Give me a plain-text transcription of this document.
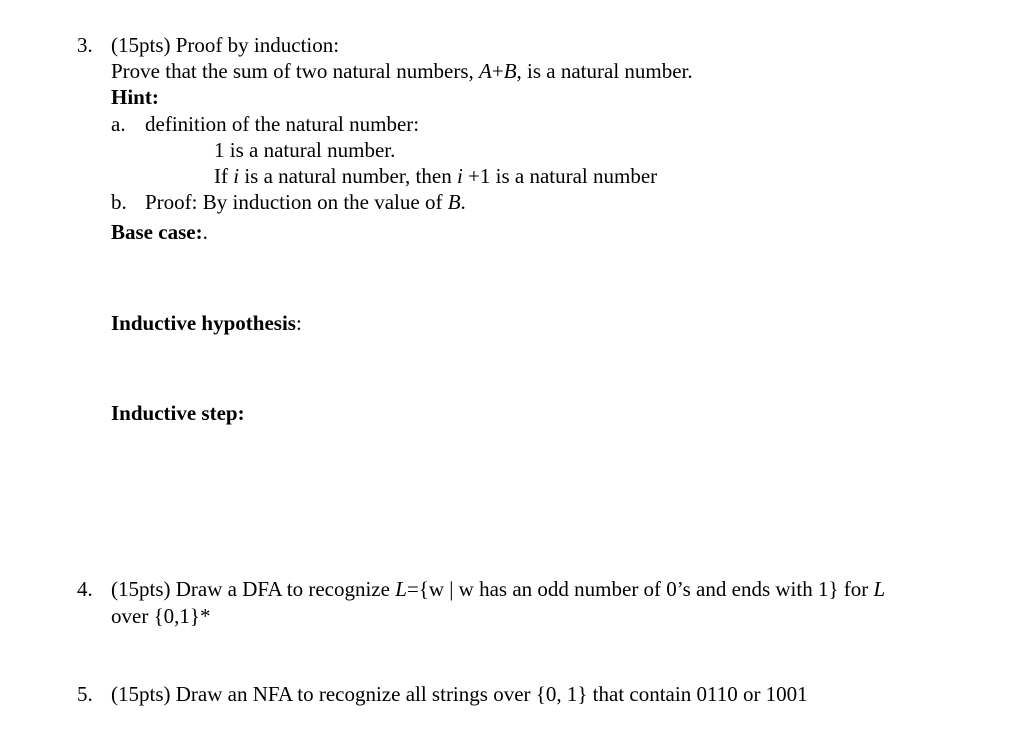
3. (15pts) Proof by induction:
Prove that the sum of two natural numbers, A+B, is a natural number.
Hint:
a. definition of the natural number:
1 is a natural number.
If i is a natural number, then i +1 is a natural number
b. Proof: By induction on the value of B.
Base case:.
Inductive hypothesis:
Inductive step:
4. (15pts) Draw a DFA to recognize L={w | w has an odd number of 0’s and ends with 1} for L
over {0,1}*
5. (15pts) Draw an NFA to recognize all strings over {0, 1} that contain 0110 or 1001
